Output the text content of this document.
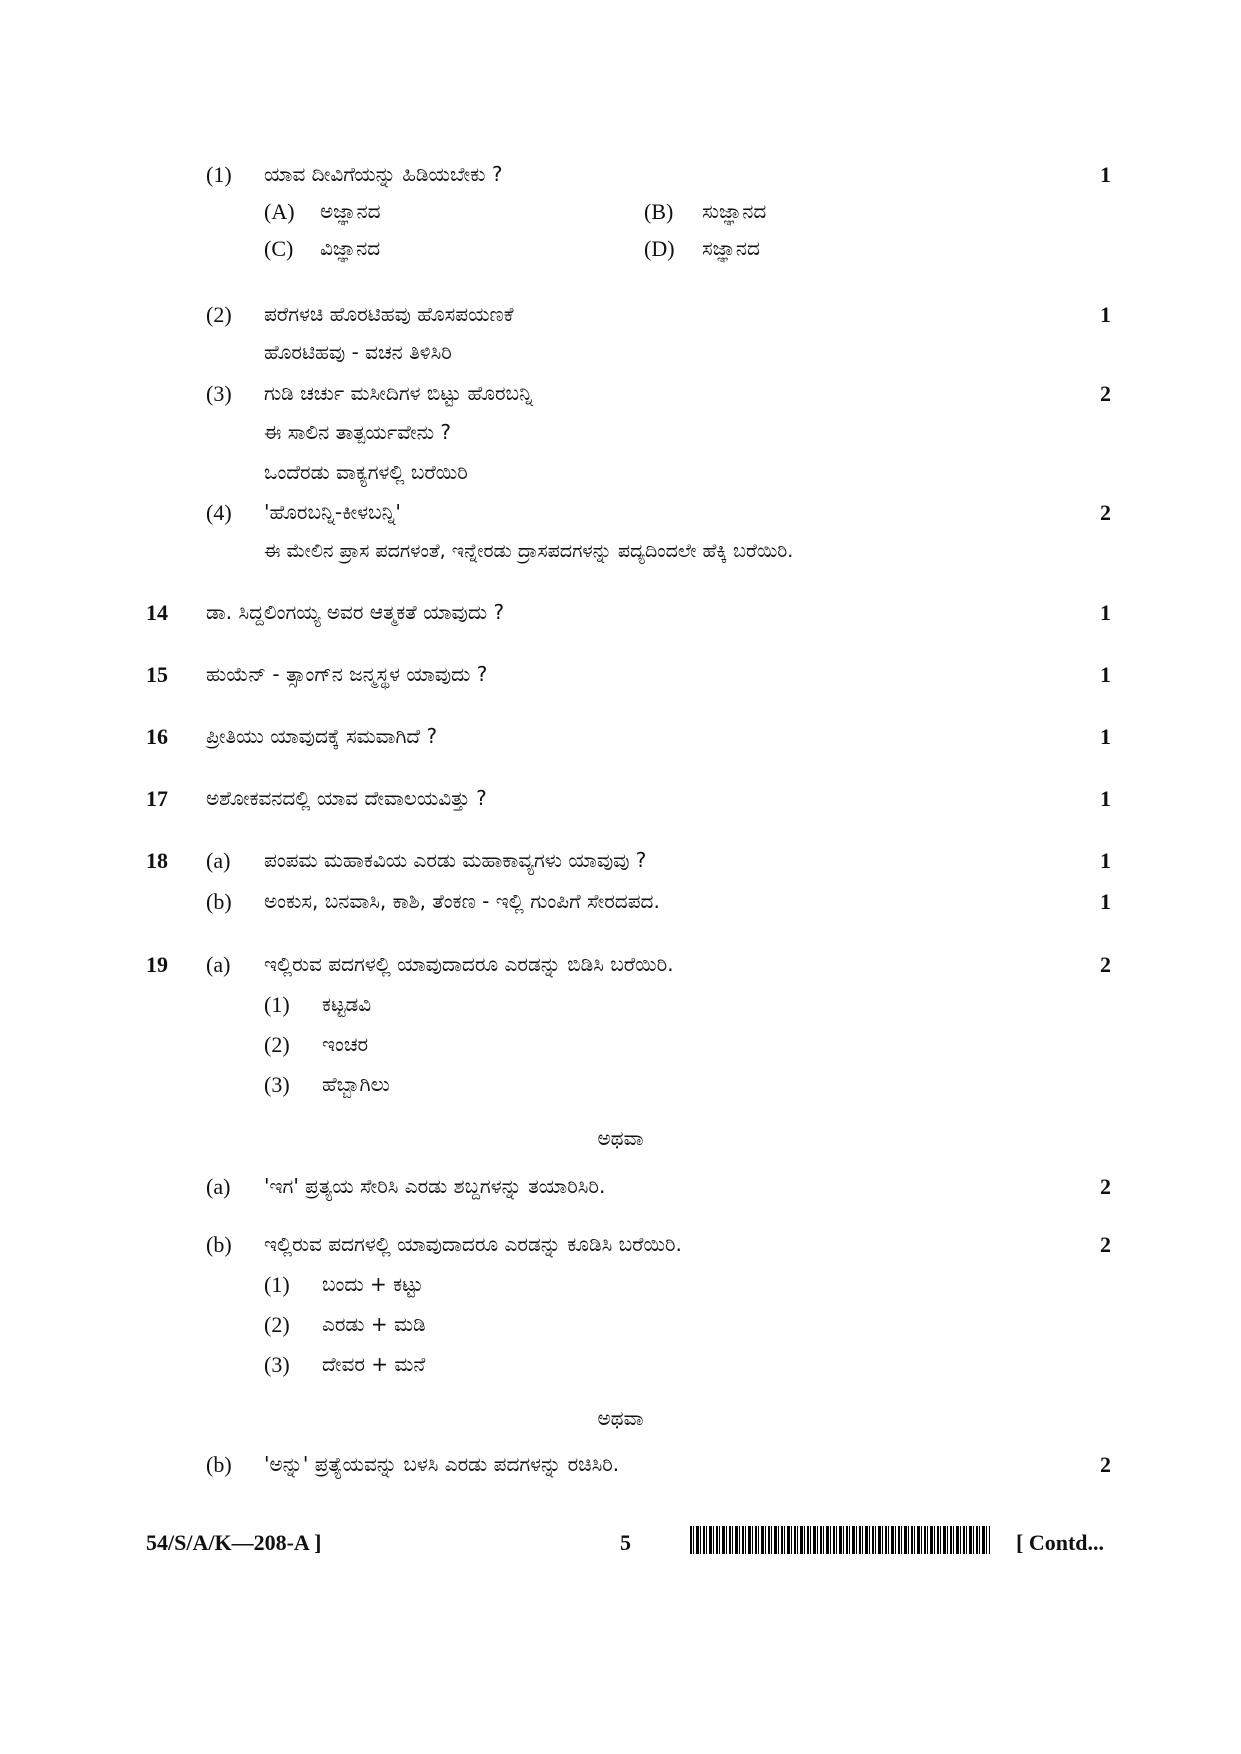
(1) ಯಾವ ದೀವಿಗೆಯನ್ನು ಹಿಡಿಯಬೇಕು ?	1
(A) ಅಜ್ಞಾನದ	(B) ಸುಜ್ಞಾನದ
(C) ವಿಜ್ಞಾನದ	(D) ಸಜ್ಞಾನದ
(2) ಪರೆಗಳಚಿ ಹೊರಟಿಹವು ಹೊಸಪಯಣಕೆ	1
ಹೊರಟಿಹವು - ವಚನ ತಿಳಿಸಿರಿ
(3) ಗುಡಿ ಚರ್ಚು ಮಸೀದಿಗಳ ಬಿಟ್ಟು ಹೊರಬನ್ನಿ	2
ಈ ಸಾಲಿನ ತಾತ್ಪರ್ಯವೇನು ?
ಒಂದೆರಡು ವಾಕ್ಯಗಳಲ್ಲಿ ಬರೆಯಿರಿ
(4) 'ಹೊರಬನ್ನಿ-ಕೀಳಬನ್ನಿ'	2
ಈ ಮೇಲಿನ ಪ್ರಾಸ ಪದಗಳಂತೆ, ಇನ್ನೇರಡು ದ್ರಾಸಪದಗಳನ್ನು ಪದ್ಯದಿಂದಲೇ ಹೆಕ್ಕಿ ಬರೆಯಿರಿ.
14 ಡಾ. ಸಿದ್ದಲಿಂಗಯ್ಯ ಅವರ ಆತ್ಮಕತೆ ಯಾವುದು ?	1
15 ಹುಯೆನ್ - ತ್ಸಾಂಗ್‌ನ ಜನ್ಮಸ್ಥಳ ಯಾವುದು ?	1
16 ಪ್ರೀತಿಯು ಯಾವುದಕ್ಕೆ ಸಮವಾಗಿದೆ ?	1
17 ಅಶೋಕವನದಲ್ಲಿ ಯಾವ ದೇವಾಲಯವಿತ್ತು ?	1
18 (a) ಪಂಪಮ ಮಹಾಕವಿಯ ಎರಡು ಮಹಾಕಾವ್ಯಗಳು ಯಾವುವು ?	1
(b) ಅಂಕುಸ, ಬನವಾಸಿ, ಕಾಶಿ, ತೆಂಕಣ - ಇಲ್ಲಿ ಗುಂಪಿಗೆ ಸೇರದಪದ.	1
19 (a) ಇಲ್ಲಿರುವ ಪದಗಳಲ್ಲಿ ಯಾವುದಾದರೂ ಎರಡನ್ನು ಬಿಡಿಸಿ ಬರೆಯಿರಿ.	2
(1) ಕಟ್ಟಡವಿ
(2) ಇಂಚರ
(3) ಹೆಬ್ಬಾಗಿಲು
ಅಥವಾ
(a) 'ಇಗ' ಪ್ರತ್ಯಯ ಸೇರಿಸಿ ಎರಡು ಶಬ್ದಗಳನ್ನು ತಯಾರಿಸಿರಿ.	2
(b) ಇಲ್ಲಿರುವ ಪದಗಳಲ್ಲಿ ಯಾವುದಾದರೂ ಎರಡನ್ನು ಕೂಡಿಸಿ ಬರೆಯಿರಿ.	2
(1) ಬಂದು + ಕಟ್ಟು
(2) ಎರಡು + ಮಡಿ
(3) ದೇವರ + ಮನೆ
ಅಥವಾ
(b) 'ಅನ್ನು' ಪ್ರತ್ಯೆಯವನ್ನು ಬಳಸಿ ಎರಡು ಪದಗಳನ್ನು ರಚಿಸಿರಿ.	2
54/S/A/K—208-A ]	5	[ Contd...
